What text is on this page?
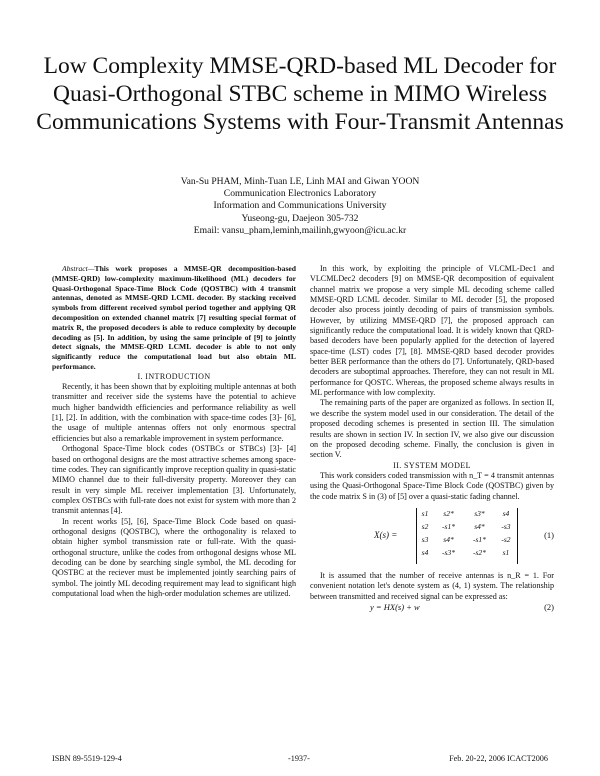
Low Complexity MMSE-QRD-based ML Decoder for Quasi-Orthogonal STBC scheme in MIMO Wireless Communications Systems with Four-Transmit Antennas
Van-Su PHAM, Minh-Tuan LE, Linh MAI and Giwan YOON
Communication Electronics Laboratory
Information and Communications University
Yuseong-gu, Daejeon 305-732
Email: vansu_pham,leminh,mailinh,gwyoon@icu.ac.kr

Abstract—This work proposes a MMSE-QR decomposition-based (MMSE-QRD) low-complexity maximum-likelihood (ML) decoders for Quasi-Orthogonal Space-Time Block Code (QOSTBC) with 4 transmit antennas, denoted as MMSE-QRD LCML decoder. By stacking received symbols from different received symbol period together and applying QR decomposition on extended channel matrix [7] resulting special format of matrix R, the proposed decoders is able to reduce complexity by decouple decoding as [5]. In addition, by using the same principle of [9] to jointly detect signals, the MMSE-QRD LCML decoder is able to not only significantly reduce the computational load but also obtain ML performance.

I. INTRODUCTION

Recently, it has been shown that by exploiting multiple antennas at both transmitter and receiver side the systems have the potential to achieve much higher bandwidth efficiencies and performance reliability as well [1], [2]. In addition, with the combination with space-time codes [3]- [6], the usage of multiple antennas offers not only enormous spectral efficiencies but also a remarkable improvement in system performance.

Orthogonal Space-Time block codes (OSTBCs or STBCs) [3]- [4] based on orthogonal designs are the most attractive schemes among space-time codes. They can significantly improve reception quality in quasi-static MIMO channel due to their full-diversity property. Moreover they can result in very simple ML receiver implementation [3]. Unfortunately, complex OSTBCs with full-rate does not exist for system with more than 2 transmit antennas [4].

In recent works [5], [6], Space-Time Block Code based on quasi-orthogonal designs (QOSTBC), where the orthogonality is relaxed to obtain higher symbol transmission rate or full-rate. With the quasi-orthogonal structure, unlike the codes from orthogonal designs whose ML decoding can be done by searching single symbol, the ML decoding for QOSTBC at the reciever must be implemented jointly searching pairs of symbol. The jointly ML decoding requirement may lead to significant high computational load when the high-order modulation schemes are utilized.

In this work, by exploiting the principle of VLCML-Dec1 and VLCMLDec2 decoders [9] on MMSE-QR decomposition of equivalent channel matrix we propose a very simple ML decoding scheme called MMSE-QRD LCML decoder. Similar to ML decoder [5], the proposed decoder also process jointly decoding of pairs of transmission symbols. However, by utilizing MMSE-QRD [7], the proposed approach can significantly reduce the computational load. It is widely known that QRD-based decoders have been popularly applied for the detection of layered space-time (LST) codes [7], [8]. MMSE-QRD based decoder provides better BER performance than the others do [7]. Unfortunately, QRD-based decoders are suboptimal approaches. Therefore, they can not result in ML performance for QOSTC. Whereas, the proposed scheme always results in ML performance with low complexity.

The remaining parts of the paper are organized as follows. In section II, we describe the system model used in our consideration. The detail of the proposed decoding schemes is presented in section III. The simulation results are shown in section IV. In section IV, we also give our discussion on the proposed decoding scheme. Finally, the conclusion is given in section V.

II. SYSTEM MODEL

This work considers coded transmission with n_T = 4 transmit antennas using the Quasi-Orthogonal Space-Time Block Code (QOSTBC) given by the code matrix S in (3) of [5] over a quasi-static fading channel.

X(s) =
s1	s2*	s3*	s4
s2	-s1*	s4*	-s3
s3	s4*	-s1*	-s2
s4	-s3*	-s2*	s1
(1)

It is assumed that the number of receive antennas is n_R = 1. For convenient notation let's denote system as (4, 1) system. The relationship between transmitted and received signal can be expressed as:

y = HX(s) + w	(2)
ISBN 89-5519-129-4	-1937-	Feb. 20-22, 2006 ICACT2006
